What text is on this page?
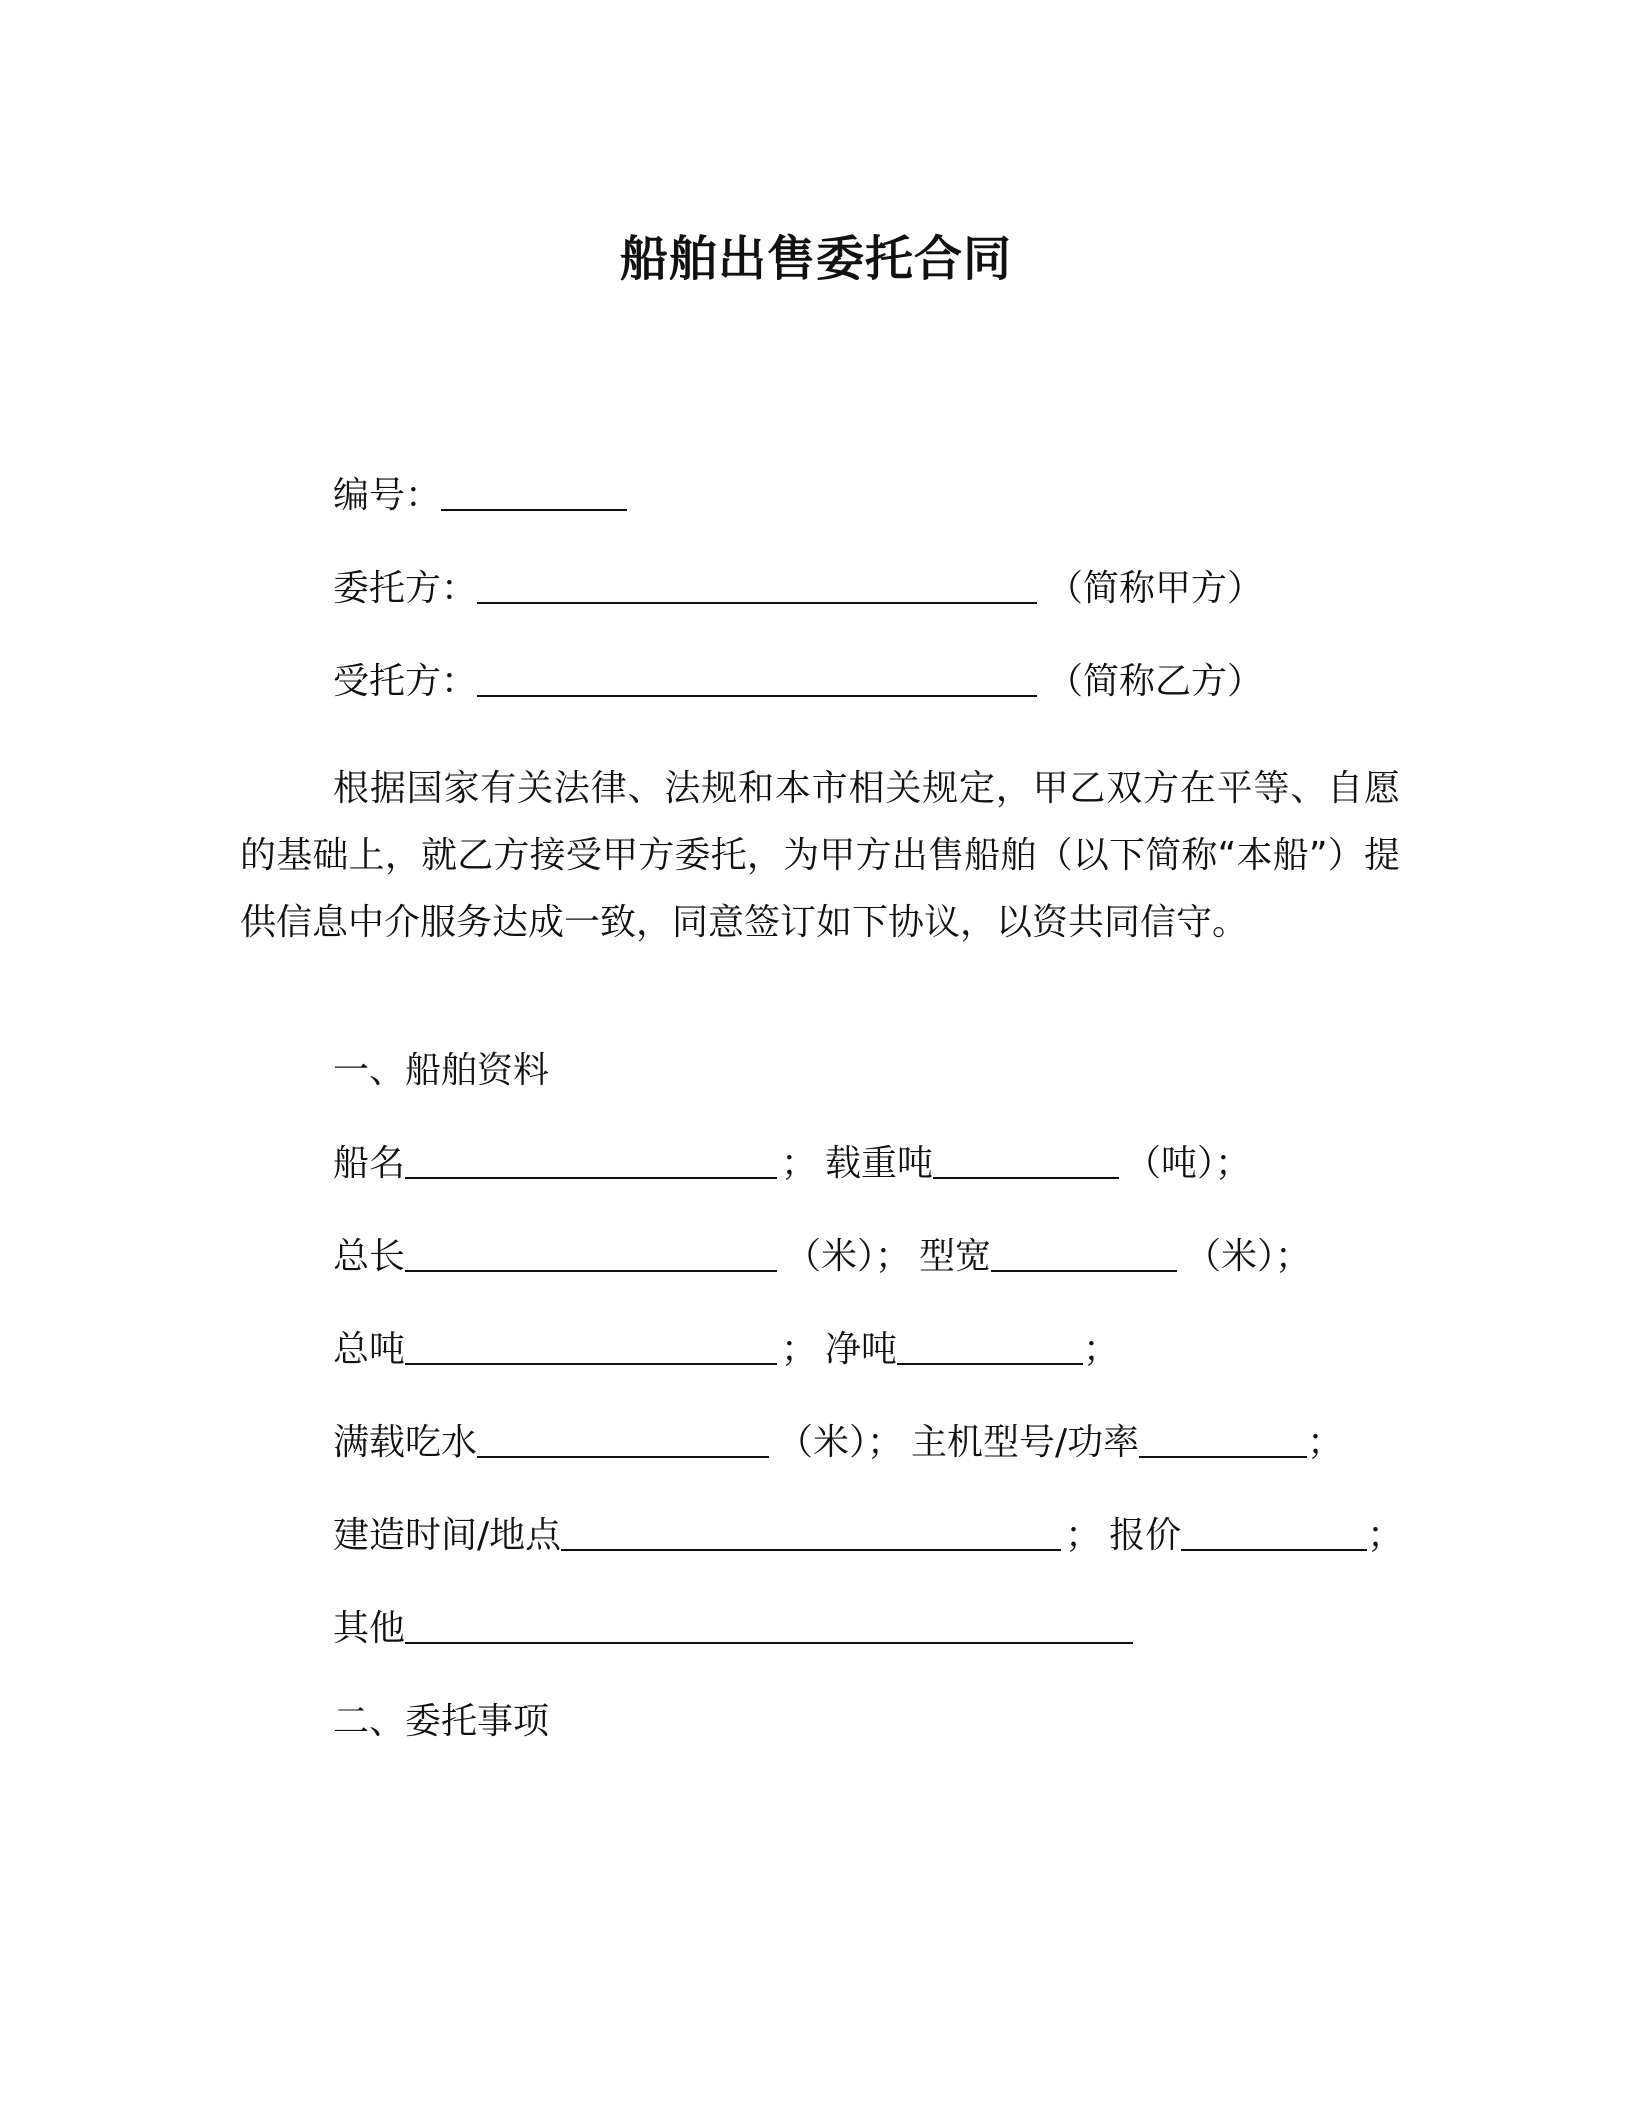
船舶出售委托合同
编号：
委托方：	（简称甲方）
受托方：	（简称乙方）
根据国家有关法律、法规和本市相关规定，甲乙双方在平等、自愿的基础上，就乙方接受甲方委托，为甲方出售船舶（以下简称“本船”）提供信息中介服务达成一致，同意签订如下协议，以资共同信守。
一、船舶资料
船名	； 载重吨	（吨）；
总长	（米）； 型宽	（米）；
总吨	； 净吨	；
满载吃水	（米）； 主机型号/功率	；
建造时间/地点	； 报价	；
其他
二、委托事项
